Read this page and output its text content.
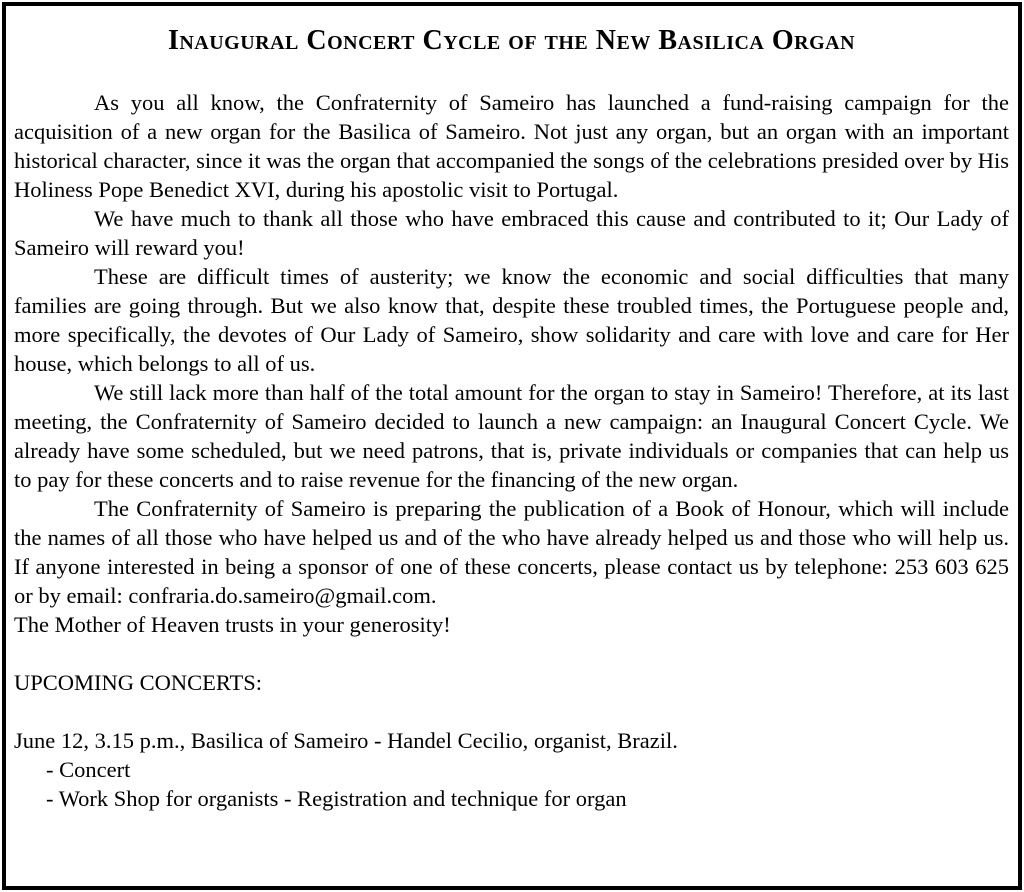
Inaugural Concert Cycle of the New Basilica Organ

As you all know, the Confraternity of Sameiro has launched a fund-raising campaign for the acquisition of a new organ for the Basilica of Sameiro. Not just any organ, but an organ with an important historical character, since it was the organ that accompanied the songs of the celebrations presided over by His Holiness Pope Benedict XVI, during his apostolic visit to Portugal.

We have much to thank all those who have embraced this cause and contributed to it; Our Lady of Sameiro will reward you!

These are difficult times of austerity; we know the economic and social difficulties that many families are going through. But we also know that, despite these troubled times, the Portuguese people and, more specifically, the devotes of Our Lady of Sameiro, show solidarity and care with love and care for Her house, which belongs to all of us.

We still lack more than half of the total amount for the organ to stay in Sameiro! Therefore, at its last meeting, the Confraternity of Sameiro decided to launch a new campaign: an Inaugural Concert Cycle. We already have some scheduled, but we need patrons, that is, private individuals or companies that can help us to pay for these concerts and to raise revenue for the financing of the new organ.

The Confraternity of Sameiro is preparing the publication of a Book of Honour, which will include the names of all those who have helped us and of the who have already helped us and those who will help us. If anyone interested in being a sponsor of one of these concerts, please contact us by telephone: 253 603 625 or by email: confraria.do.sameiro@gmail.com.

The Mother of Heaven trusts in your generosity!

UPCOMING CONCERTS:

June 12, 3.15 p.m., Basilica of Sameiro - Handel Cecilio, organist, Brazil.

- Concert

- Work Shop for organists - Registration and technique for organ
